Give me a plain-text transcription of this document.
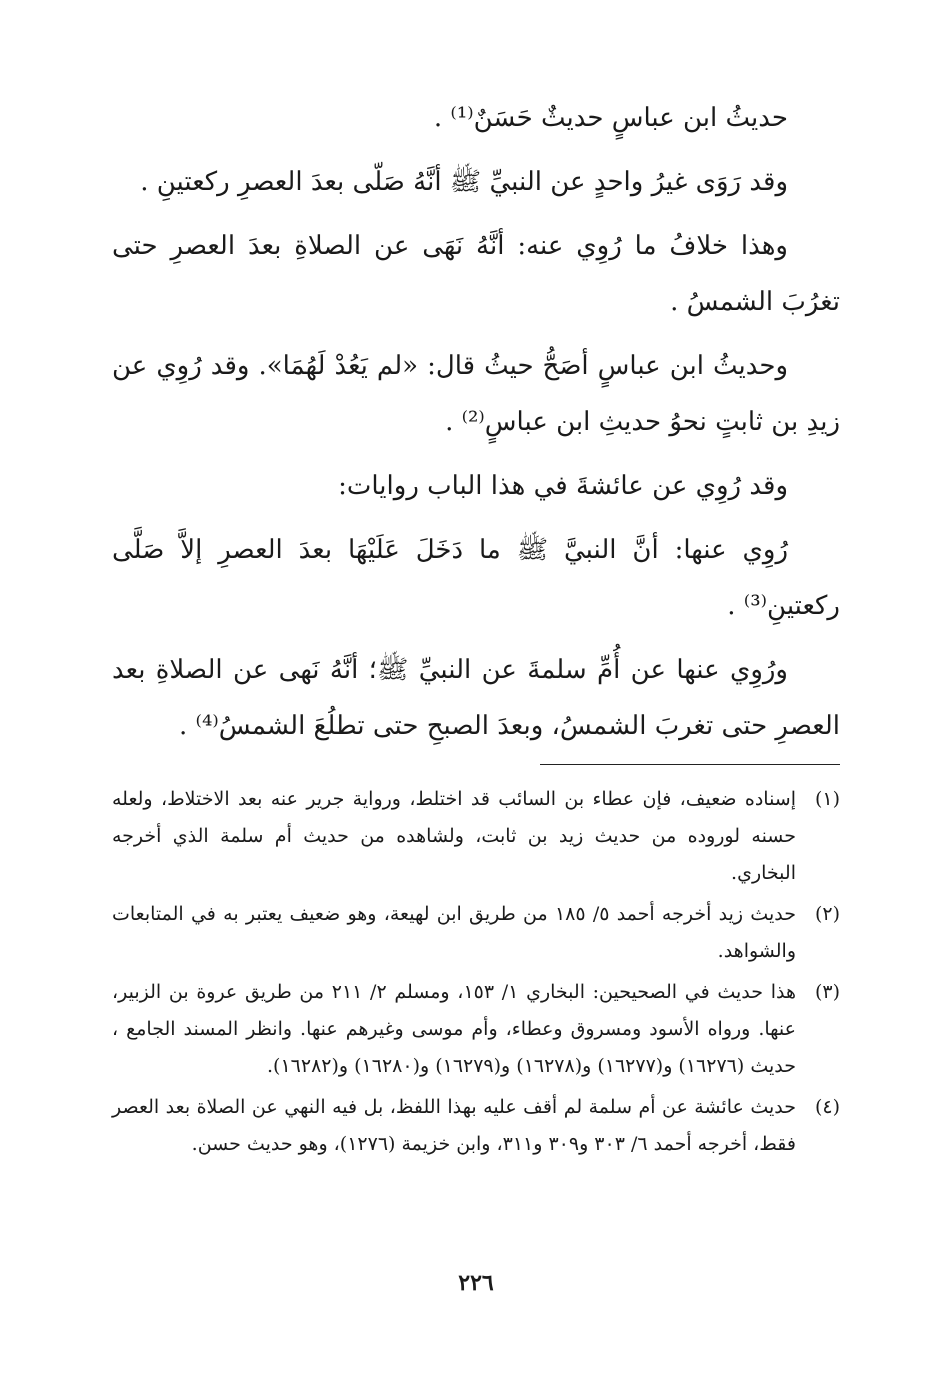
حديثُ ابن عباسٍ حديثٌ حَسَنٌ⁽¹⁾ .

وقد رَوَى غيرُ واحدٍ عن النبيِّ ﷺ أنَّهُ صَلّى بعدَ العصرِ ركعتينِ .

وهذا خلافُ ما رُوِي عنه: أنَّهُ نَهَى عن الصلاةِ بعدَ العصرِ حتى تغرُبَ الشمسُ .

وحديثُ ابن عباسٍ أصَحُّ حيثُ قال: «لم يَعُدْ لَهُمَا». وقد رُوِي عن زيدِ بن ثابتٍ نحوُ حديثِ ابن عباسٍ⁽²⁾ .

وقد رُوِي عن عائشةَ في هذا الباب روايات:

رُوِي عنها: أنَّ النبيَّ ﷺ ما دَخَلَ عَلَيْهَا بعدَ العصرِ إلاَّ صَلَّى ركعتينِ⁽³⁾ .

ورُوِي عنها عن أُمِّ سلمةَ عن النبيِّ ﷺ؛ أنَّهُ نَهى عن الصلاةِ بعد العصرِ حتى تغربَ الشمسُ، وبعدَ الصبحِ حتى تطلُعَ الشمسُ⁽⁴⁾ .

(١)
إسناده ضعيف، فإن عطاء بن السائب قد اختلط، ورواية جرير عنه بعد الاختلاط، ولعله حسنه لوروده من حديث زيد بن ثابت، ولشاهده من حديث أم سلمة الذي أخرجه البخاري.
(٢)
حديث زيد أخرجه أحمد ٥/ ١٨٥ من طريق ابن لهيعة، وهو ضعيف يعتبر به في المتابعات والشواهد.
(٣)
هذا حديث في الصحيحين: البخاري ١/ ١٥٣، ومسلم ٢/ ٢١١ من طريق عروة بن الزبير، عنها. ورواه الأسود ومسروق وعطاء، وأم موسى وغيرهم عنها. وانظر المسند الجامع ، حديث (١٦٢٧٦) و(١٦٢٧٧) و(١٦٢٧٨) و(١٦٢٧٩) و(١٦٢٨٠) و(١٦٢٨٢).
(٤)
حديث عائشة عن أم سلمة لم أقف عليه بهذا اللفظ، بل فيه النهي عن الصلاة بعد العصر فقط، أخرجه أحمد ٦/ ٣٠٣ و٣٠٩ و٣١١، وابن خزيمة (١٢٧٦)، وهو حديث حسن.
٢٢٦
